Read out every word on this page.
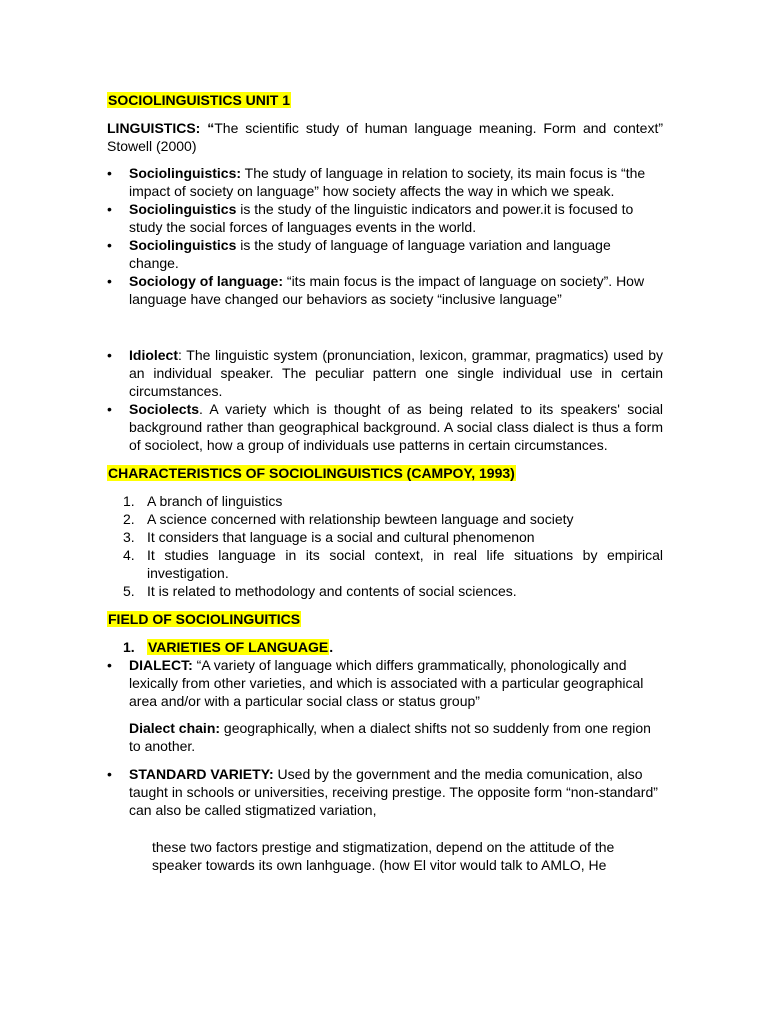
SOCIOLINGUISTICS UNIT 1

LINGUISTICS: “The scientific study of human language meaning. Form and context” Stowell (2000)

• Sociolinguistics: The study of language in relation to society, its main focus is “the impact of society on language” how society affects the way in which we speak.

• Sociolinguistics is the study of the linguistic indicators and power.it is focused to study the social forces of languages events in the world.

• Sociolinguistics is the study of language of language variation and language change.

• Sociology of language: “its main focus is the impact of language on society”. How language have changed our behaviors as society “inclusive language”

• Idiolect: The linguistic system (pronunciation, lexicon, grammar, pragmatics) used by an individual speaker. The peculiar pattern one single individual use in certain circumstances.

• Sociolects. A variety which is thought of as being related to its speakers' social background rather than geographical background. A social class dialect is thus a form of sociolect, how a group of individuals use patterns in certain circumstances.

CHARACTERISTICS OF SOCIOLINGUISTICS (CAMPOY, 1993)

1. A branch of linguistics

2. A science concerned with relationship bewteen language and society

3. It considers that language is a social and cultural phenomenon

4. It studies language in its social context, in real life situations by empirical investigation.

5. It is related to methodology and contents of social sciences.

FIELD OF SOCIOLINGUITICS
1. VARIETIES OF LANGUAGE.

• DIALECT: “A variety of language which differs grammatically, phonologically and lexically from other varieties, and which is associated with a particular geographical area and/or with a particular social class or status group”

Dialect chain: geographically, when a dialect shifts not so suddenly from one region to another.

• STANDARD VARIETY: Used by the government and the media comunication, also taught in schools or universities, receiving prestige. The opposite form “non-standard” can also be called stigmatized variation,

these two factors prestige and stigmatization, depend on the attitude of the speaker towards its own lanhguage. (how El vitor would talk to AMLO, He
